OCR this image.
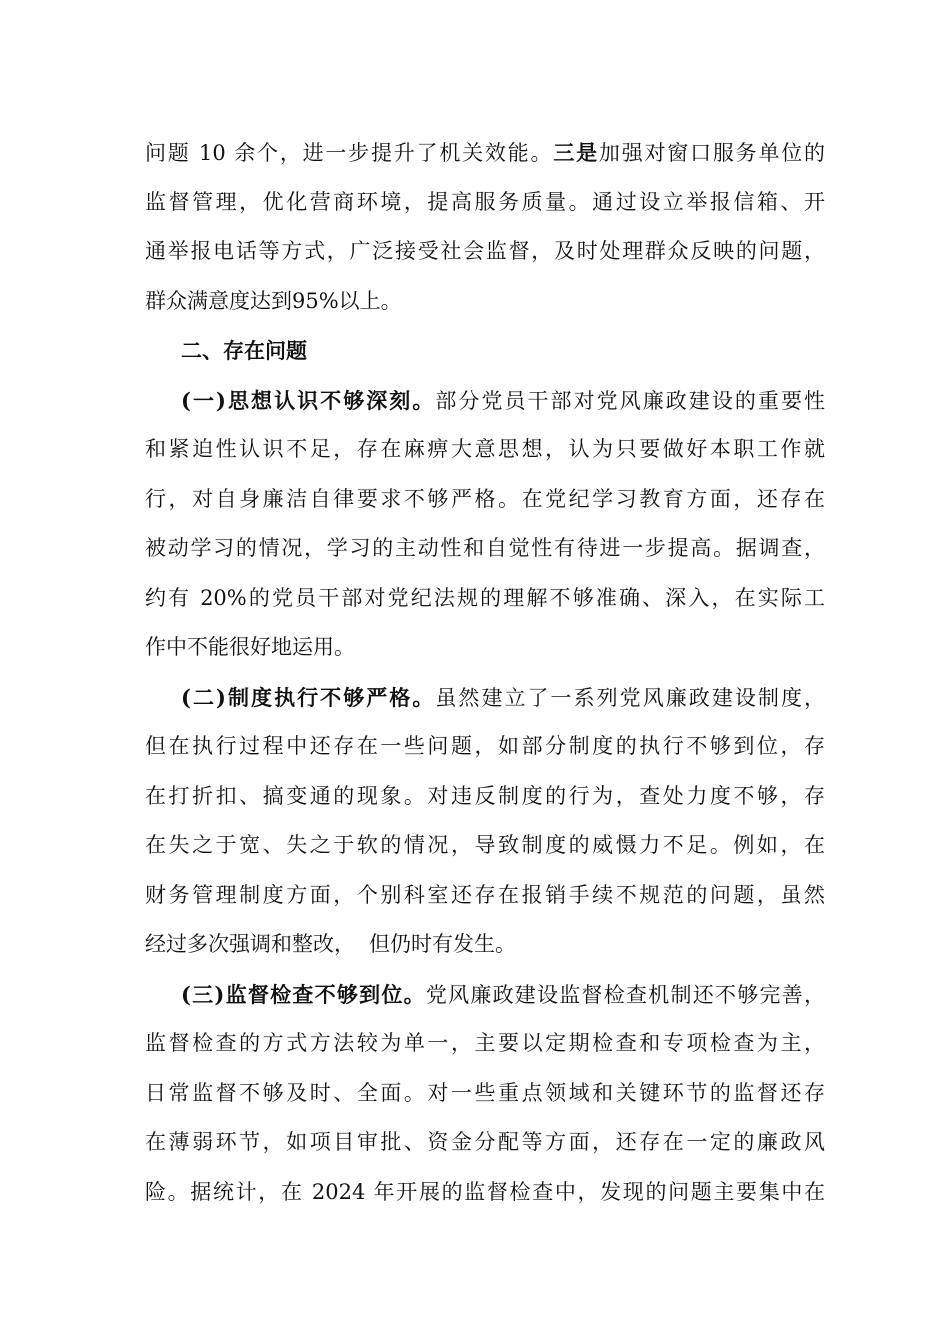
问题 10 余个，进一步提升了机关效能。三是加强对窗口服务单位的
监督管理，优化营商环境，提高服务质量。通过设立举报信箱、开
通举报电话等方式，广泛接受社会监督，及时处理群众反映的问题，
群众满意度达到95%以上。
二、存在问题
(一)思想认识不够深刻。部分党员干部对党风廉政建设的重要性
和紧迫性认识不足，存在麻痹大意思想，认为只要做好本职工作就
行，对自身廉洁自律要求不够严格。在党纪学习教育方面，还存在
被动学习的情况，学习的主动性和自觉性有待进一步提高。据调查，
约有 20%的党员干部对党纪法规的理解不够准确、深入，在实际工
作中不能很好地运用。
(二)制度执行不够严格。虽然建立了一系列党风廉政建设制度，
但在执行过程中还存在一些问题，如部分制度的执行不够到位，存
在打折扣、搞变通的现象。对违反制度的行为，查处力度不够，存
在失之于宽、失之于软的情况，导致制度的威慑力不足。例如，在
财务管理制度方面，个别科室还存在报销手续不规范的问题，虽然
经过多次强调和整改， 但仍时有发生。
(三)监督检查不够到位。党风廉政建设监督检查机制还不够完善，
监督检查的方式方法较为单一，主要以定期检查和专项检查为主，
日常监督不够及时、全面。对一些重点领域和关键环节的监督还存
在薄弱环节，如项目审批、资金分配等方面，还存在一定的廉政风
险。据统计，在 2024 年开展的监督检查中，发现的问题主要集中在
